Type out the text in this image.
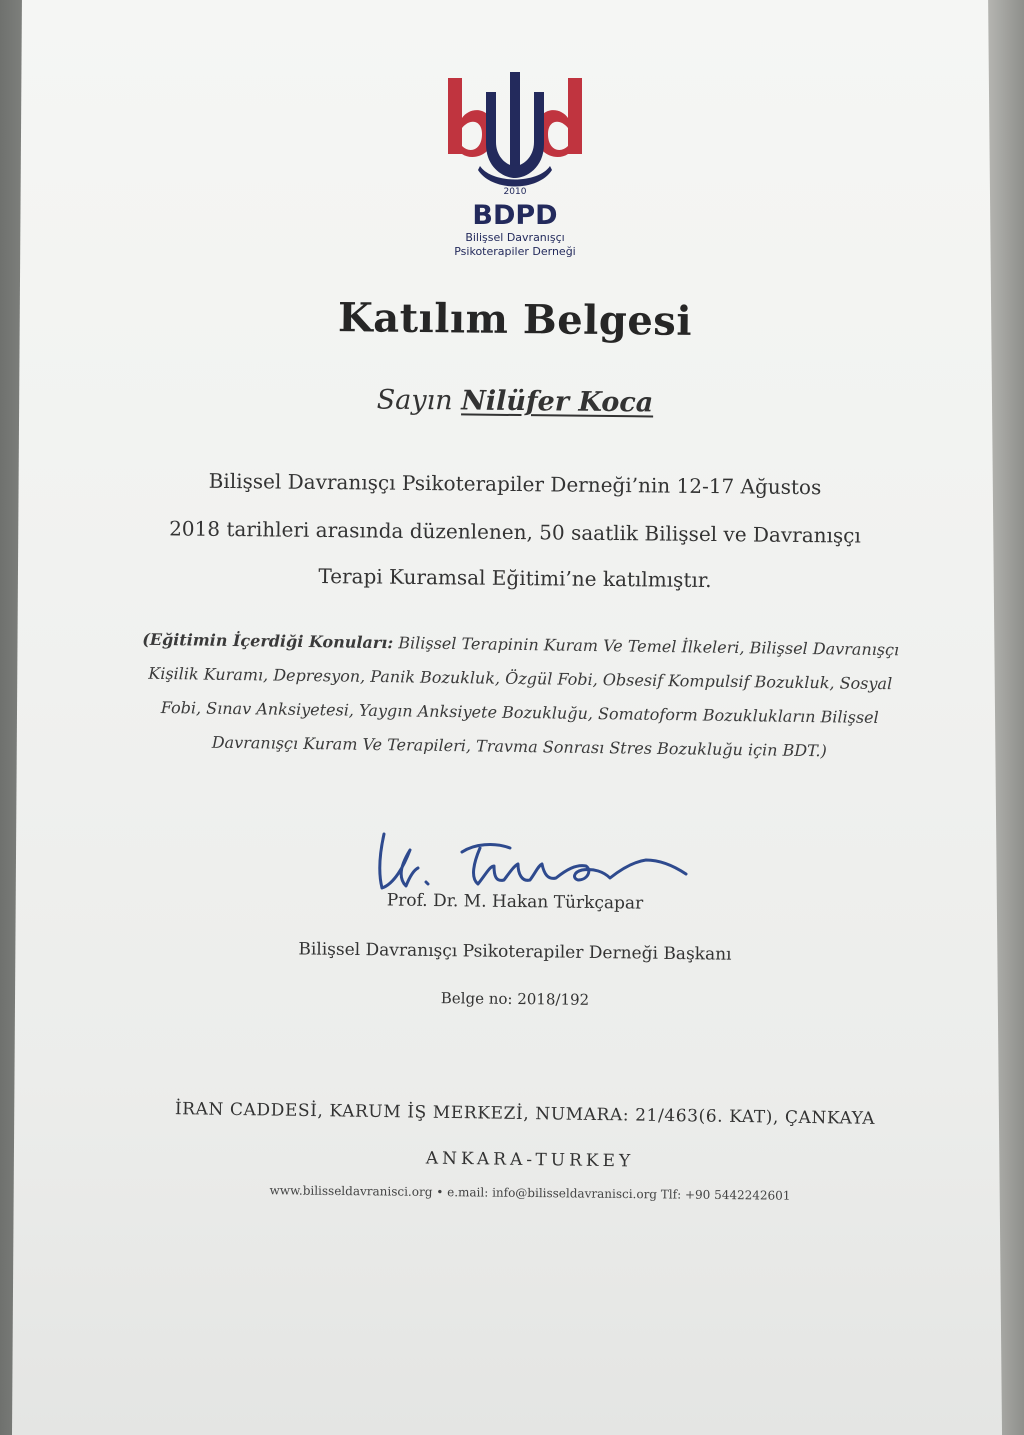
2010
BDPD
Bilişsel Davranışçı
Psikoterapiler Derneği
Katılım Belgesi
Sayın Nilüfer Koca
Bilişsel Davranışçı Psikoterapiler Derneği’nin 12-17 Ağustos
2018 tarihleri arasında düzenlenen, 50 saatlik Bilişsel ve Davranışçı
Terapi Kuramsal Eğitimi’ne katılmıştır.
(Eğitimin İçerdiği Konuları: Bilişsel Terapinin Kuram Ve Temel İlkeleri, Bilişsel Davranışçı Kişilik Kuramı, Depresyon, Panik Bozukluk, Özgül Fobi, Obsesif Kompulsif Bozukluk, Sosyal Fobi, Sınav Anksiyetesi, Yaygın Anksiyete Bozukluğu, Somatoform Bozuklukların Bilişsel Davranışçı Kuram Ve Terapileri, Travma Sonrası Stres Bozukluğu için BDT.)
Prof. Dr. M. Hakan Türkçapar
Bilişsel Davranışçı Psikoterapiler Derneği Başkanı
Belge no: 2018/192
İRAN CADDESİ, KARUM İŞ MERKEZİ, NUMARA: 21/463(6. KAT), ÇANKAYA
ANKARA-TURKEY
www.bilisseldavranisci.org • e.mail: info@bilisseldavranisci.org Tlf: +90 5442242601
